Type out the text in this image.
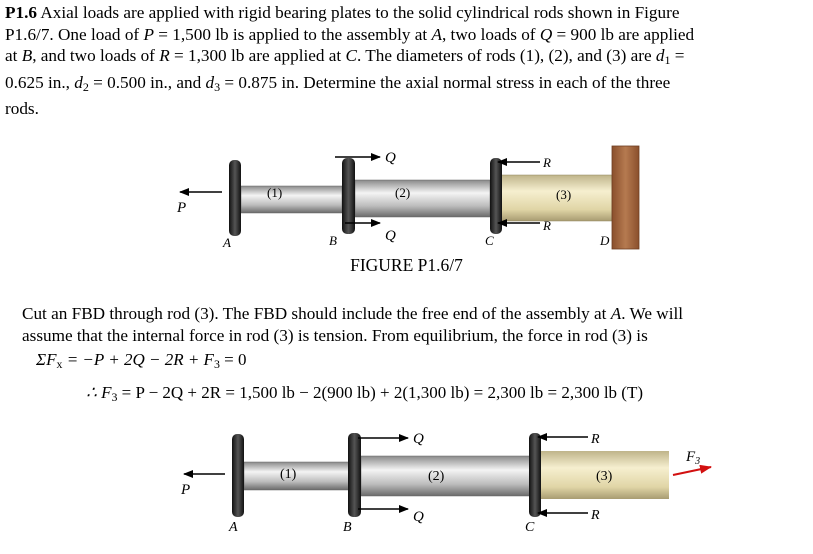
P1.6 Axial loads are applied with rigid bearing plates to the solid cylindrical rods shown in Figure
P1.6/7. One load of P = 1,500 lb is applied to the assembly at A, two loads of Q = 900 lb are applied
at B, and two loads of R = 1,300 lb are applied at C. The diameters of rods (1), (2), and (3) are $d_1$ =
0.625 in., $d_2 = 0.500$ in., and $d_3 = 0.875$ in. Determine the axial normal stress in each of the three
rods.
P
A	B	C	D
Q
Q
R
R
(1)	(2)	(3)
FIGURE P1.6/7
Cut an FBD through rod (3). The FBD should include the free end of the assembly at A. We will
assume that the internal force in rod (3) is tension. From equilibrium, the force in rod (3) is
$\Sigma F_x = -P + 2Q - 2R + F_3 = 0$
∴ $F_3 = P - 2Q + 2R = 1,500$ lb − 2(900 lb) + 2(1,300 lb) = 2,300 lb = 2,300 lb (T)
P
A	B	C
Q
Q
R
R
(1)	(2)	(3)
$F_3$
